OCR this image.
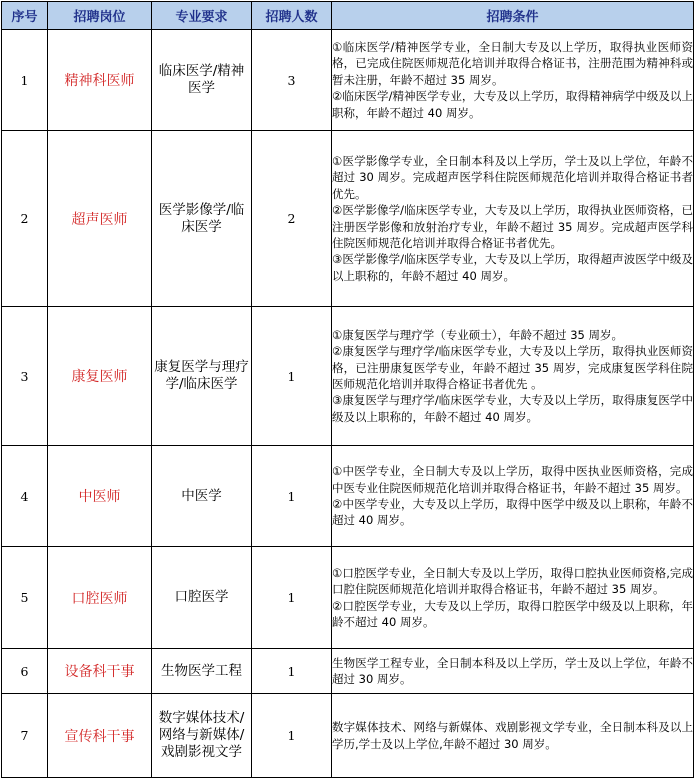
序号	招聘岗位	专业要求	招聘人数	招聘条件
1	精神科医师	临床医学/精神医学	3	①临床医学/精神医学专业，全日制大专及以上学历，取得执业医师资格，已完成住院医师规范化培训并取得合格证书，注册范围为精神科或暂未注册，年龄不超过 35 周岁。
②临床医学/精神医学专业，大专及以上学历，取得精神病学中级及以上职称，年龄不超过 40 周岁。

2	超声医师	医学影像学/临床医学	2	①医学影像学专业，全日制本科及以上学历，学士及以上学位，年龄不超过 30 周岁。完成超声医学科住院医师规范化培训并取得合格证书者优先。
②医学影像学/临床医学专业，大专及以上学历，取得执业医师资格，已注册医学影像和放射治疗专业，年龄不超过 35 周岁。完成超声医学科住院医师规范化培训并取得合格证书者优先。
③医学影像学/临床医学专业，大专及以上学历，取得超声波医学中级及以上职称的，年龄不超过 40 周岁。

3	康复医师	康复医学与理疗学/临床医学	1	①康复医学与理疗学（专业硕士），年龄不超过 35 周岁。
②康复医学与理疗学/临床医学专业，大专及以上学历，取得执业医师资格，已注册康复医学专业，年龄不超过 35 周岁，完成康复医学科住院医师规范化培训并取得合格证书者优先 。
③康复医学与理疗学/临床医学专业，大专及以上学历，取得康复医学中级及以上职称的，年龄不超过 40 周岁。

4	中医师	中医学	1	①中医学专业，全日制大专及以上学历，取得中医执业医师资格，完成中医专业住院医师规范化培训并取得合格证书，年龄不超过 35 周岁。
②中医学专业，大专及以上学历，取得中医学中级及以上职称，年龄不超过 40 周岁。

5	口腔医师	口腔医学	1	①口腔医学专业，全日制大专及以上学历，取得口腔执业医师资格,完成口腔住院医师规范化培训并取得合格证书，年龄不超过 35 周岁。
②口腔医学专业，大专及以上学历，取得口腔医学中级及以上职称，年龄不超过 40 周岁。

6	设备科干事	生物医学工程	1	生物医学工程专业，全日制本科及以上学历，学士及以上学位，年龄不超过 30 周岁。

7	宣传科干事	数字媒体技术/网络与新媒体/戏剧影视文学	1	数字媒体技术、网络与新媒体、戏剧影视文学专业，全日制本科及以上学历,学士及以上学位,年龄不超过 30 周岁。
